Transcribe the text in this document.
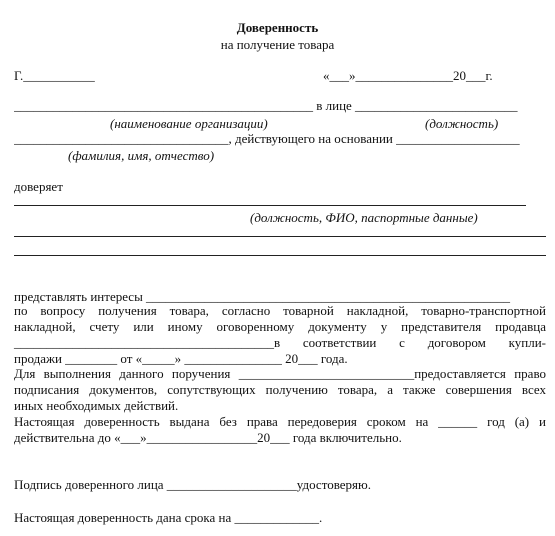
Доверенность
на получение товара
Г.___________	«___»_______________20___г.
______________________________________________ в лице _________________________
(наименование организации)	(должность)
_________________________________, действующего на основании ___________________
(фамилия, имя, отчество)
доверяет
(должность, ФИО, паспортные данные)
представлять интересы ________________________________________________________
по вопросу получения товара, согласно товарной накладной, товарно-транспортной
накладной, счету или иному оговоренному документу у представителя продавца
________________________________________в соответствии с договором купли-
продажи ________ от «_____» _______________ 20___ года.
Для выполнения данного поручения ___________________________предоставляется право
подписания документов, сопутствующих получению товара, а также совершения всех
иных необходимых действий.
Настоящая доверенность выдана без права передоверия сроком на ______ год (а) и
действительна до «___»_________________20___ года включительно.
Подпись доверенного лица ____________________удостоверяю.
Настоящая доверенность дана срока на _____________.
